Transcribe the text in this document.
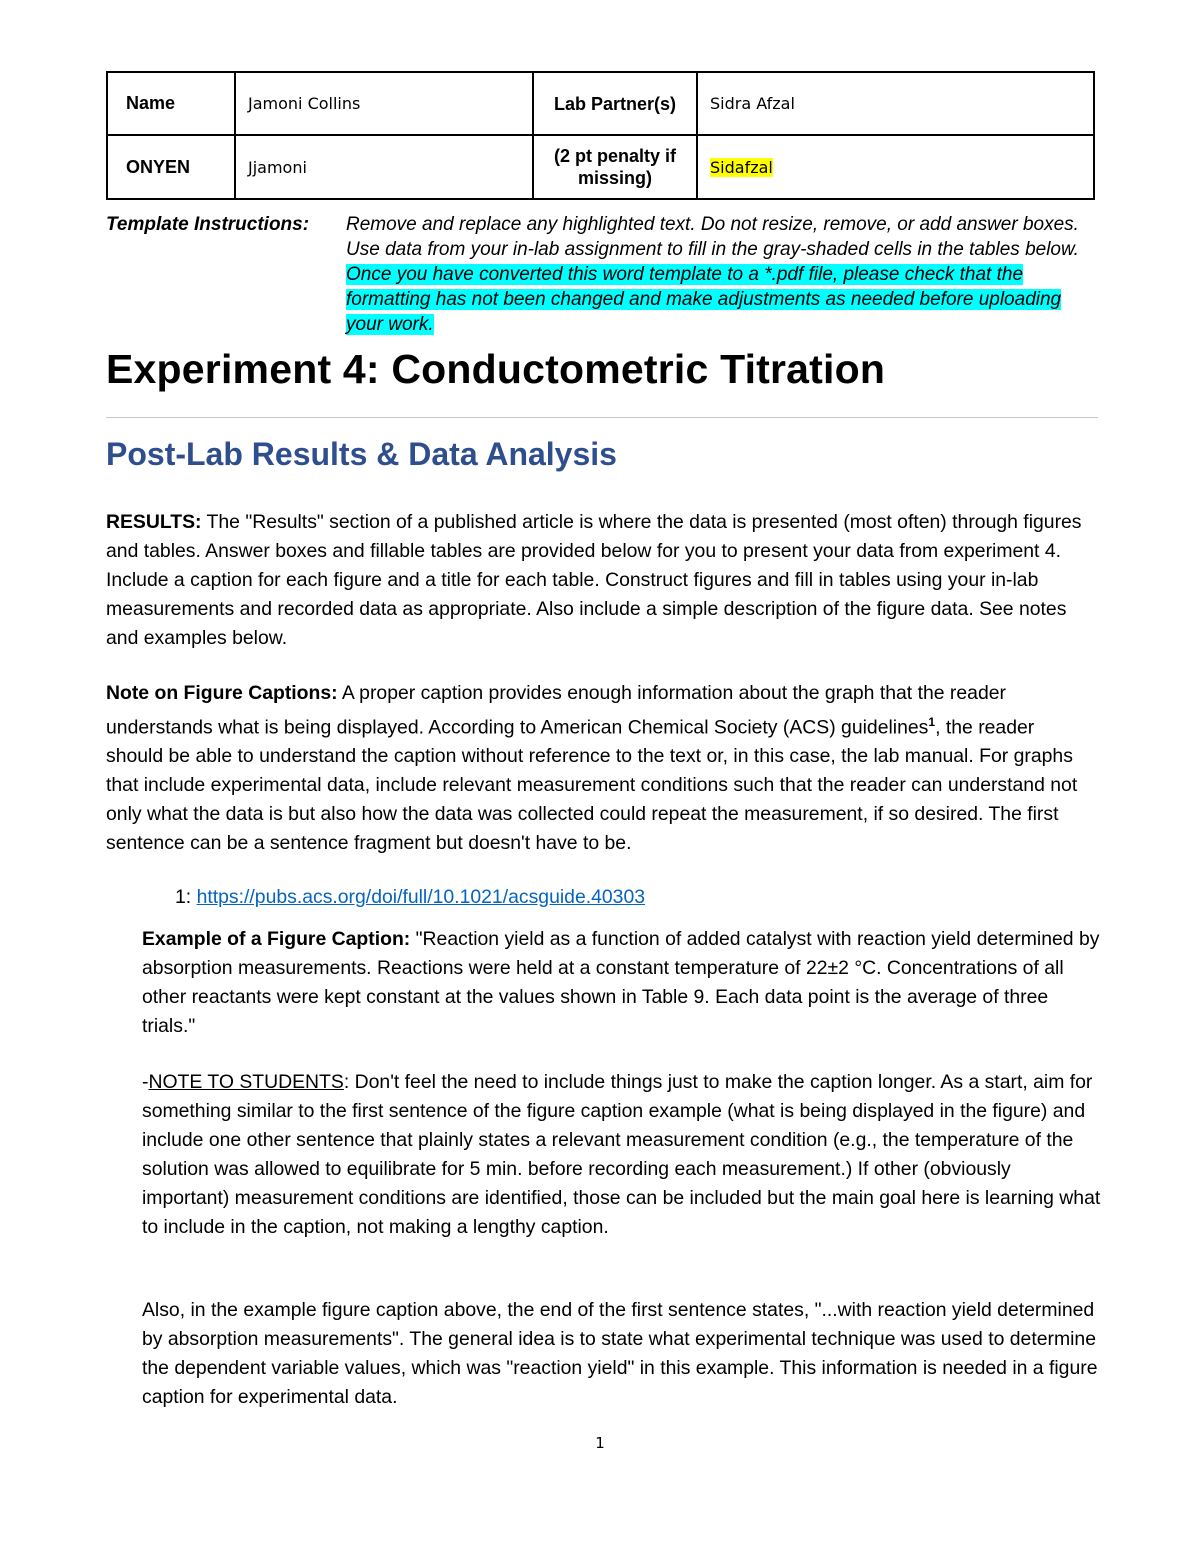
Name	Jamoni Collins	Lab Partner(s)	Sidra Afzal
ONYEN	Jjamoni	(2 pt penalty if missing)	Sidafzal
Template Instructions: Remove and replace any highlighted text. Do not resize, remove, or add answer boxes. Use data from your in-lab assignment to fill in the gray-shaded cells in the tables below. Once you have converted this word template to a *.pdf file, please check that the formatting has not been changed and make adjustments as needed before uploading your work.
Experiment 4: Conductometric Titration
Post-Lab Results & Data Analysis
RESULTS: The "Results" section of a published article is where the data is presented (most often) through figures and tables. Answer boxes and fillable tables are provided below for you to present your data from experiment 4. Include a caption for each figure and a title for each table. Construct figures and fill in tables using your in-lab measurements and recorded data as appropriate. Also include a simple description of the figure data. See notes and examples below.
Note on Figure Captions: A proper caption provides enough information about the graph that the reader understands what is being displayed. According to American Chemical Society (ACS) guidelines$^1$, the reader should be able to understand the caption without reference to the text or, in this case, the lab manual. For graphs that include experimental data, include relevant measurement conditions such that the reader can understand not only what the data is but also how the data was collected could repeat the measurement, if so desired. The first sentence can be a sentence fragment but doesn't have to be.
1: https://pubs.acs.org/doi/full/10.1021/acsguide.40303
Example of a Figure Caption: "Reaction yield as a function of added catalyst with reaction yield determined by absorption measurements. Reactions were held at a constant temperature of 22±2 °C. Concentrations of all other reactants were kept constant at the values shown in Table 9. Each data point is the average of three trials."
-NOTE TO STUDENTS: Don't feel the need to include things just to make the caption longer. As a start, aim for something similar to the first sentence of the figure caption example (what is being displayed in the figure) and include one other sentence that plainly states a relevant measurement condition (e.g., the temperature of the solution was allowed to equilibrate for 5 min. before recording each measurement.) If other (obviously important) measurement conditions are identified, those can be included but the main goal here is learning what to include in the caption, not making a lengthy caption.
Also, in the example figure caption above, the end of the first sentence states, "...with reaction yield determined by absorption measurements". The general idea is to state what experimental technique was used to determine the dependent variable values, which was "reaction yield" in this example. This information is needed in a figure caption for experimental data.
1
